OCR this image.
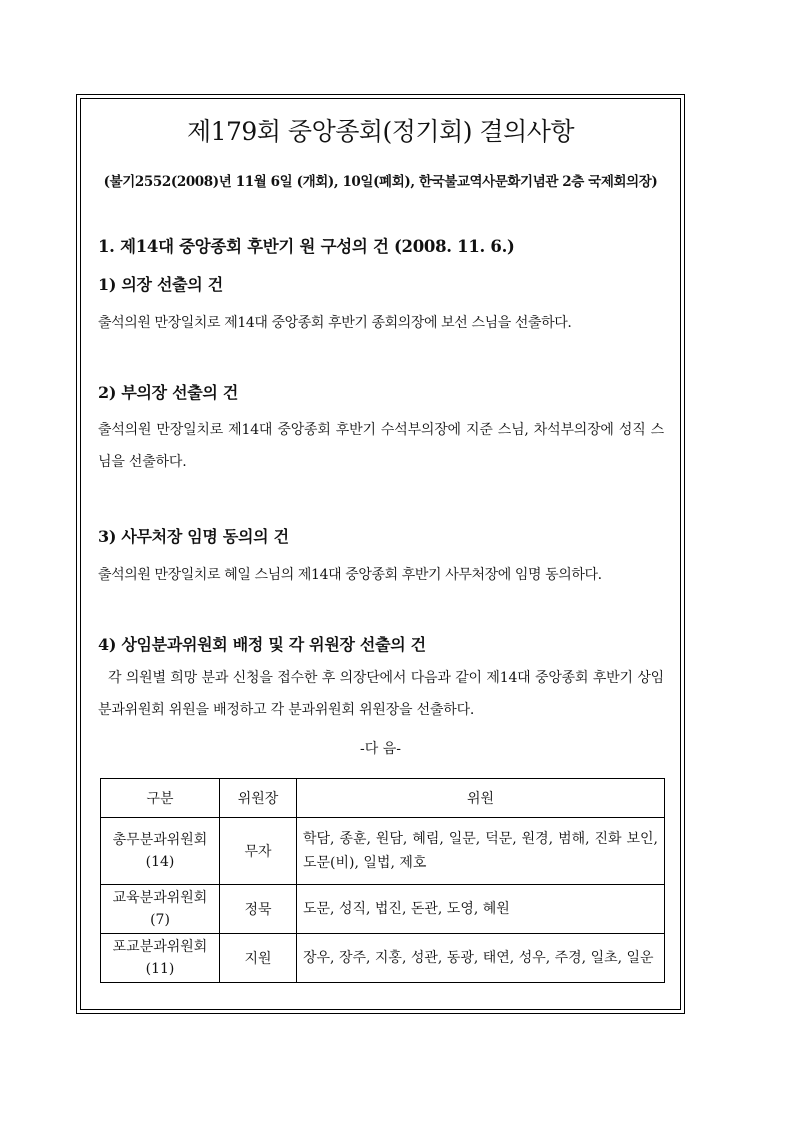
제179회 중앙종회(정기회) 결의사항
(불기2552(2008)년 11월 6일 (개회), 10일(폐회), 한국불교역사문화기념관 2층 국제회의장)
1. 제14대 중앙종회 후반기 원 구성의 건 (2008. 11. 6.)
1) 의장 선출의 건
출석의원 만장일치로 제14대 중앙종회 후반기 종회의장에 보선 스님을 선출하다.
2) 부의장 선출의 건
출석의원 만장일치로 제14대 중앙종회 후반기 수석부의장에 지준 스님, 차석부의장에 성직 스님을 선출하다.
3) 사무처장 임명 동의의 건
출석의원 만장일치로 혜일 스님의 제14대 중앙종회 후반기 사무처장에 임명 동의하다.
4) 상임분과위원회 배정 및 각 위원장 선출의 건
각 의원별 희망 분과 신청을 접수한 후 의장단에서 다음과 같이 제14대 중앙종회 후반기 상임분과위원회 위원을 배정하고 각 분과위원회 위원장을 선출하다.
-다 음-
구분	위원장	위원

총무분과위원회
(14)	무자	학담, 종훈, 원담, 혜림, 일문, 덕문, 원경, 범해, 진화 보인, 도문(비), 일법, 제호

교육분과위원회
(7)	정묵	도문, 성직, 법진, 돈관, 도영, 혜원

포교분과위원회
(11)	지원	장우, 장주, 지홍, 성관, 동광, 태연, 성우, 주경, 일초, 일운
